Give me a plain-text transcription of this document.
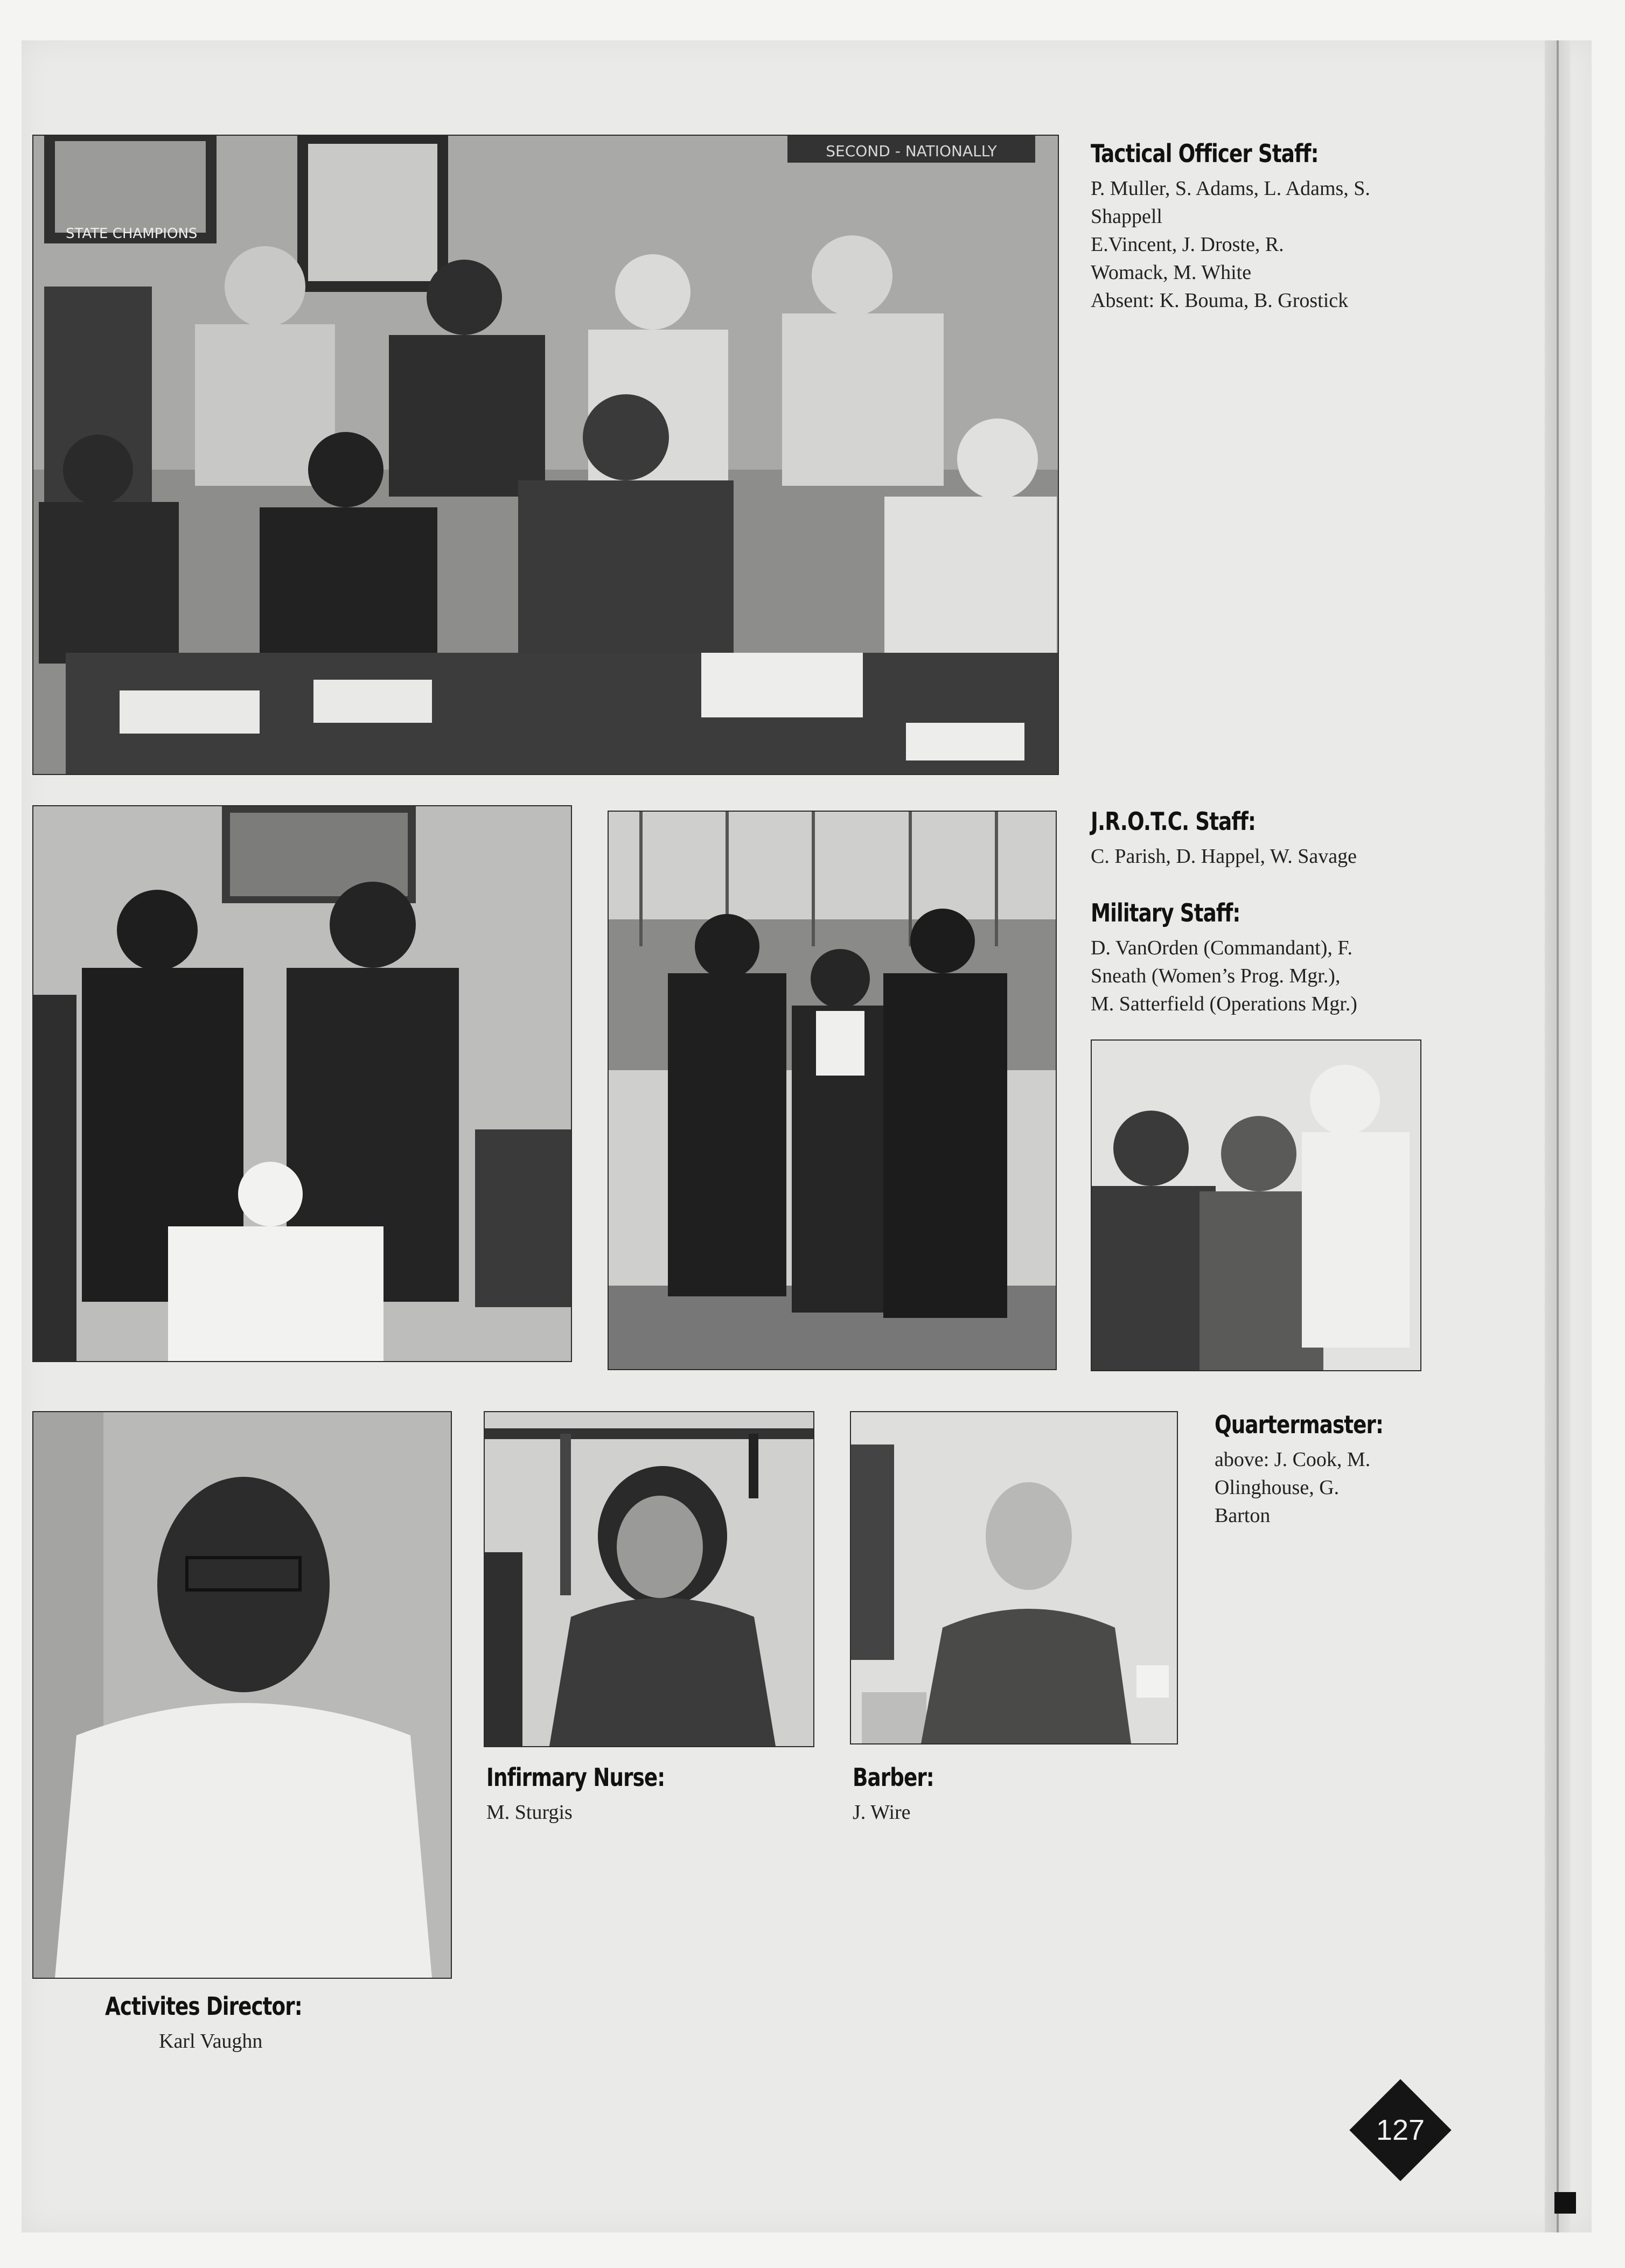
SECOND - NATIONALLY
STATE CHAMPIONS
Tactical Officer Staff:
P. Muller, S. Adams, L. Adams, S.
Shappell
E.Vincent, J. Droste, R.
Womack, M. White
Absent: K. Bouma, B. Grostick
J.R.O.T.C. Staff:
C. Parish, D. Happel, W. Savage
Military Staff:
D. VanOrden (Commandant), F.
Sneath (Women’s Prog. Mgr.),
M. Satterfield (Operations Mgr.)
Quartermaster:
above: J. Cook, M.
Olinghouse, G.
Barton
Infirmary Nurse:
M. Sturgis
Barber:
J. Wire
Activites Director:
Karl Vaughn
127
